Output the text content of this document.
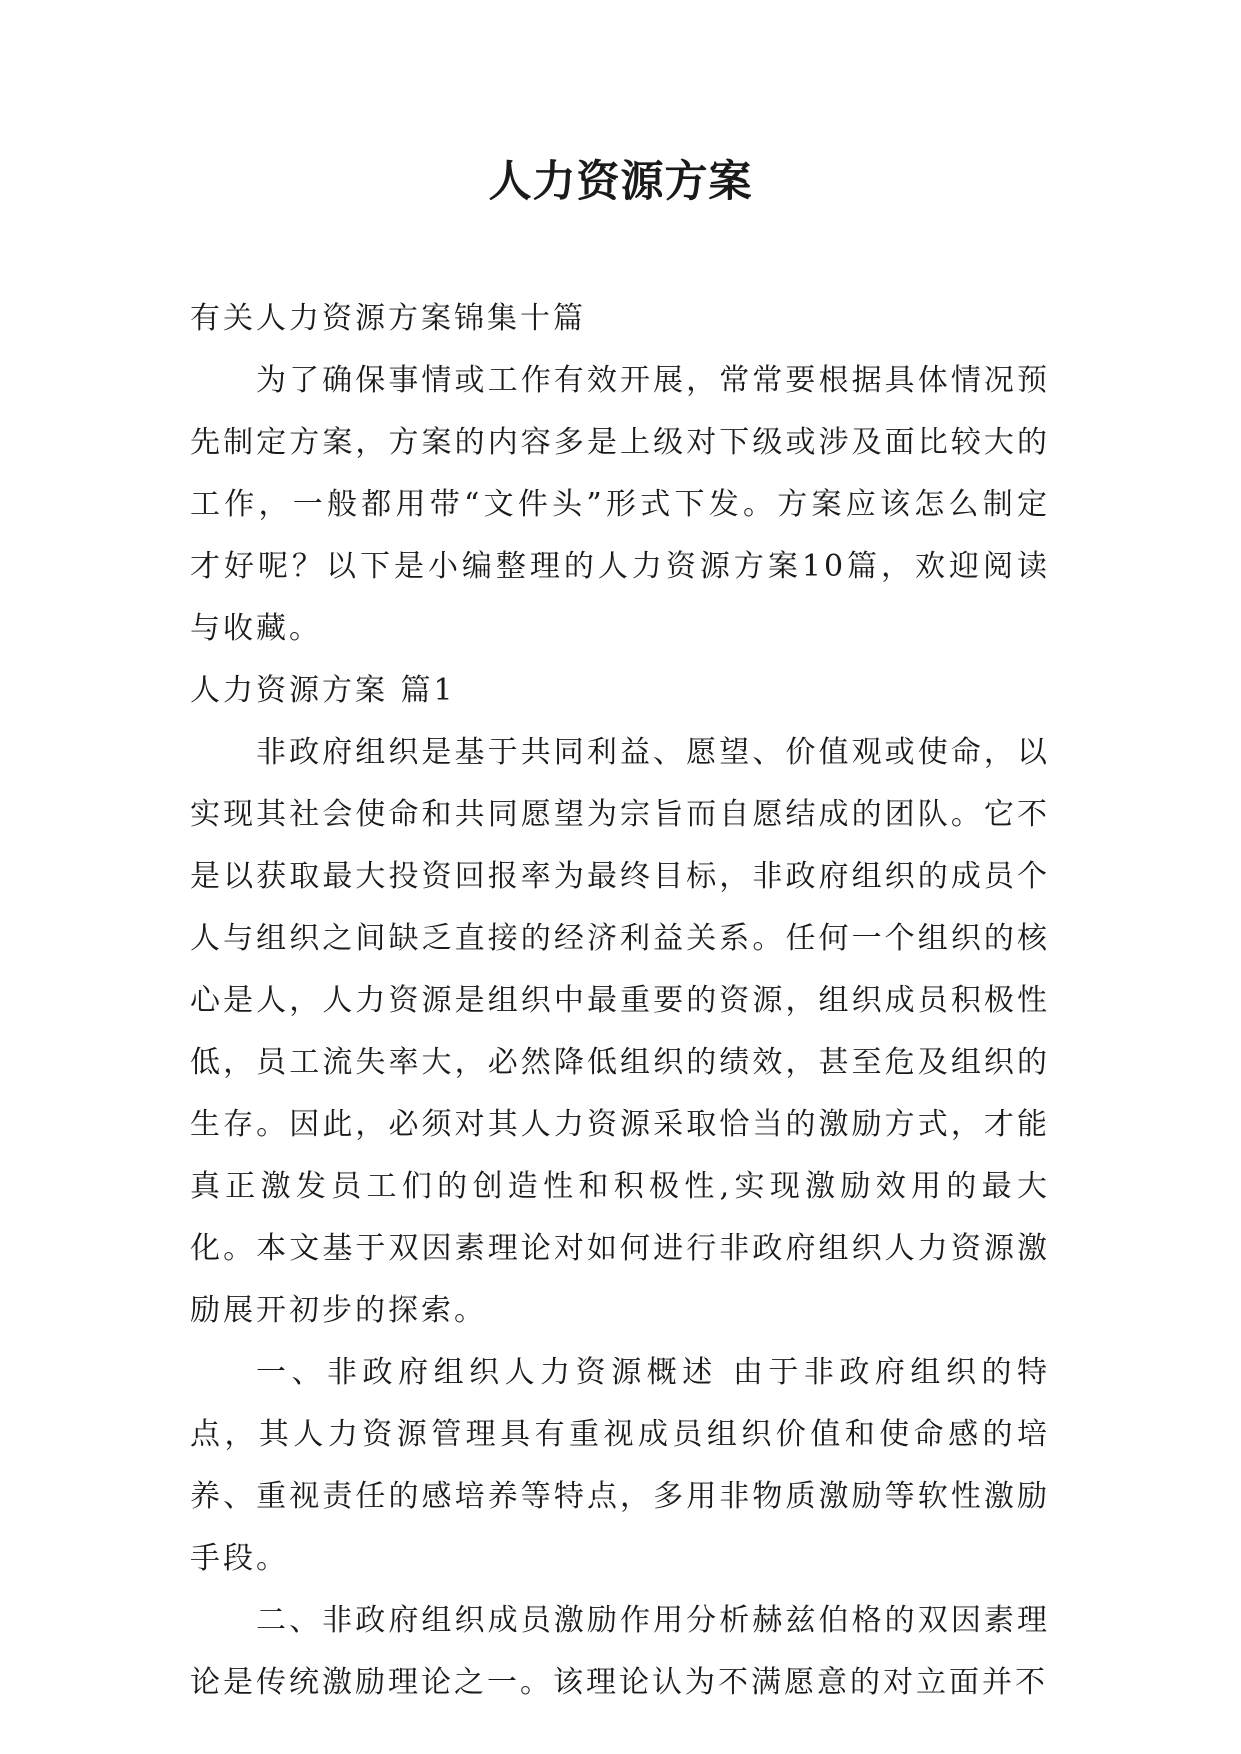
人力资源方案

有关人力资源方案锦集十篇

为了确保事情或工作有效开展，常常要根据具体情况预先制定方案，方案的内容多是上级对下级或涉及面比较大的工作，一般都用带“文件头”形式下发。方案应该怎么制定才好呢？以下是小编整理的人力资源方案10篇，欢迎阅读与收藏。

人力资源方案 篇1

非政府组织是基于共同利益、愿望、价值观或使命，以实现其社会使命和共同愿望为宗旨而自愿结成的团队。它不是以获取最大投资回报率为最终目标，非政府组织的成员个人与组织之间缺乏直接的经济利益关系。任何一个组织的核心是人，人力资源是组织中最重要的资源，组织成员积极性低，员工流失率大，必然降低组织的绩效，甚至危及组织的生存。因此，必须对其人力资源采取恰当的激励方式，才能真正激发员工们的创造性和积极性,实现激励效用的最大化。本文基于双因素理论对如何进行非政府组织人力资源激励展开初步的探索。

一、非政府组织人力资源概述 由于非政府组织的特点，其人力资源管理具有重视成员组织价值和使命感的培养、重视责任的感培养等特点，多用非物质激励等软性激励手段。

二、非政府组织成员激励作用分析赫兹伯格的双因素理论是传统激励理论之一。该理论认为不满愿意的对立面并不
